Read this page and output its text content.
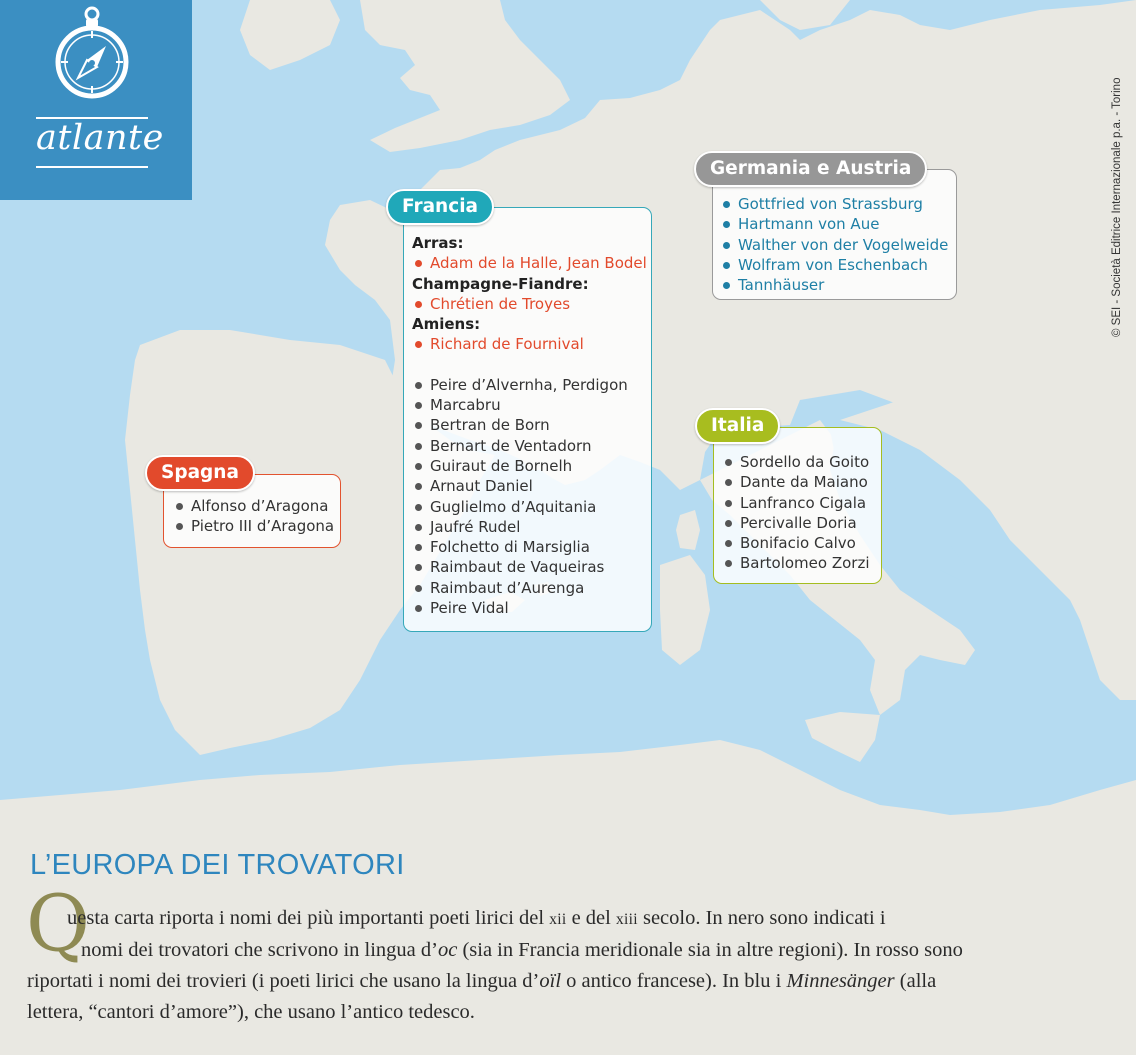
atlante	© SEI - Società Editrice Internazionale p.a. - Torino
Alfonso d’Aragona
Pietro III d’Aragona
Spagna
Arras:
Adam de la Halle, Jean Bodel
Champagne-Fiandre:
Chrétien de Troyes
Amiens:
Richard de Fournival
Peire d’Alvernha, Perdigon
Marcabru
Bertran de Born
Bernart de Ventadorn
Guiraut de Bornelh
Arnaut Daniel
Guglielmo d’Aquitania
Jaufré Rudel
Folchetto di Marsiglia
Raimbaut de Vaqueiras
Raimbaut d’Aurenga
Peire Vidal
Francia	Gottfried von Strassburg
Hartmann von Aue
Walther von der Vogelweide
Wolfram von Eschenbach
Tannhäuser
Germania e Austria
Sordello da Goito
Dante da Maiano
Lanfranco Cigala
Percivalle Doria
Bonifacio Calvo
Bartolomeo Zorzi
Italia
L’EUROPA DEI TROVATORI
Q
uesta carta riporta i nomi dei più importanti poeti lirici del xii e del xiii secolo. In nero sono indicati i
nomi dei trovatori che scrivono in lingua d’oc (sia in Francia meridionale sia in altre regioni). In rosso sono
riportati i nomi dei trovieri (i poeti lirici che usano la lingua d’oïl o antico francese). In blu i Minnesänger (alla
lettera, “cantori d’amore”), che usano l’antico tedesco.
